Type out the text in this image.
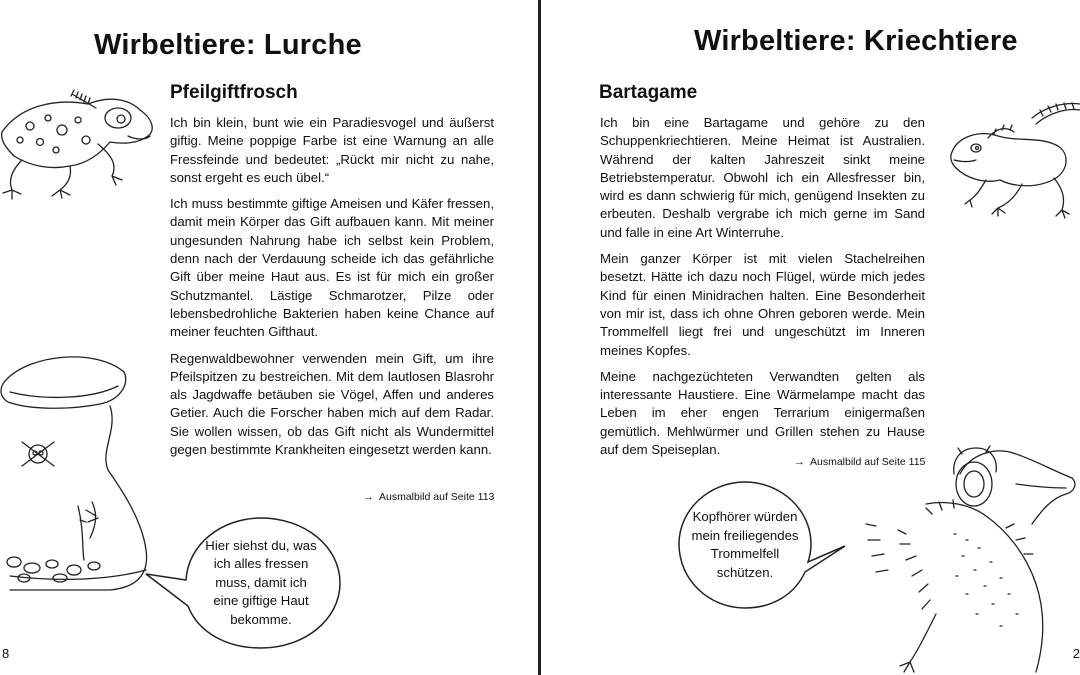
Wirbeltiere: Lurche
Pfeilgiftfrosch

Ich bin klein, bunt wie ein Paradiesvogel und äußerst giftig. Meine poppige Farbe ist eine Warnung an alle Fressfeinde und bedeutet: „Rückt mir nicht zu nahe, sonst ergeht es euch übel.“

Ich muss bestimmte giftige Ameisen und Käfer fressen, damit mein Körper das Gift aufbauen kann. Mit meiner ungesunden Nahrung habe ich selbst kein Problem, denn nach der Verdauung scheide ich das gefährliche Gift über meine Haut aus. Es ist für mich ein großer Schutzmantel. Lästige Schmarotzer, Pilze oder lebensbedrohliche Bakterien haben keine Chance auf meiner feuchten Gifthaut.

Regenwaldbewohner verwenden mein Gift, um ihre Pfeilspitzen zu bestreichen. Mit dem lautlosen Blasrohr als Jagdwaffe betäuben sie Vögel, Affen und anderes Getier. Auch die Forscher haben mich auf dem Radar. Sie wollen wissen, ob das Gift nicht als Wundermittel gegen bestimmte Krankheiten eingesetzt werden kann.

→ Ausmalbild auf Seite 113
Hier siehst du, was ich alles fressen muss, damit ich eine giftige Haut bekomme.
8
Wirbeltiere: Kriechtiere
Bartagame

Ich bin eine Bartagame und gehöre zu den Schuppenkriechtieren. Meine Heimat ist Australien. Während der kalten Jahreszeit sinkt meine Betriebstemperatur. Obwohl ich ein Allesfresser bin, wird es dann schwierig für mich, genügend Insekten zu erbeuten. Deshalb vergrabe ich mich gerne im Sand und falle in eine Art Winterruhe.

Mein ganzer Körper ist mit vielen Stachelreihen besetzt. Hätte ich dazu noch Flügel, würde mich jedes Kind für einen Minidrachen halten. Eine Besonderheit von mir ist, dass ich ohne Ohren geboren werde. Mein Trommelfell liegt frei und ungeschützt im Inneren meines Kopfes.

Meine nachgezüchteten Verwandten gelten als interessante Haustiere. Eine Wärmelampe macht das Leben im eher engen Terrarium einigermaßen gemütlich. Mehlwürmer und Grillen stehen zu Hause auf dem Speiseplan.

→ Ausmalbild auf Seite 115
Kopfhörer würden mein freiliegendes Trommelfell schützen.
2
